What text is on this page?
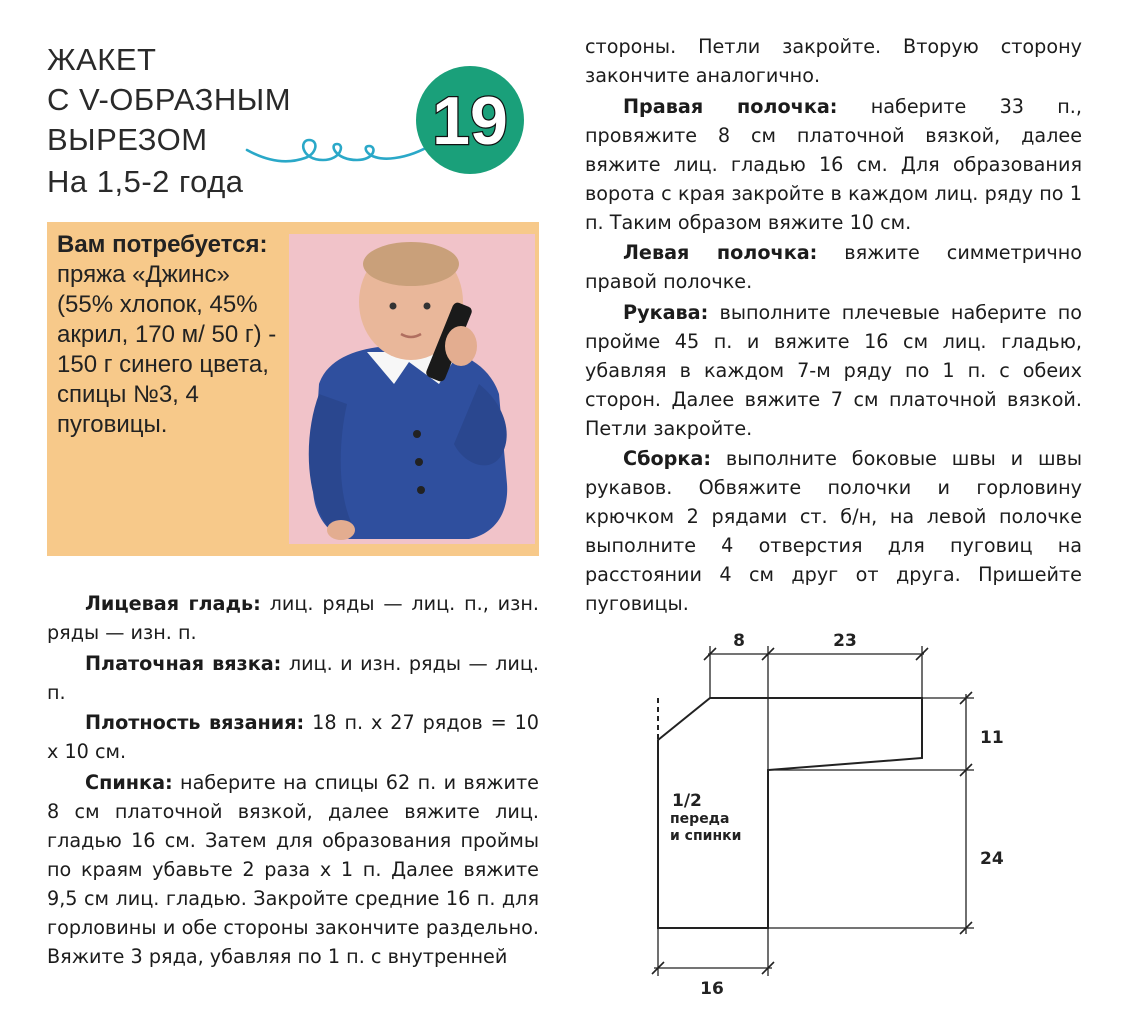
ЖАКЕТ
С V-ОБРАЗНЫМ
ВЫРЕЗОМ
На 1,5-2 года
19
Вам потребуется:
пряжа «Джинс» (55% хлопок, 45% акрил, 170 м/ 50 г) - 150 г синего цвета, спицы №3, 4 пуговицы.

Лицевая гладь: лиц. ряды — лиц. п., изн. ряды — изн. п.

Платочная вязка: лиц. и изн. ряды — лиц. п.

Плотность вязания: 18 п. х 27 рядов = 10 х 10 см.

Спинка: наберите на спицы 62 п. и вяжите 8 см платочной вязкой, далее вяжите лиц. гладью 16 см. Затем для образования проймы по краям убавьте 2 раза х 1 п. Далее вяжите 9,5 см лиц. гладью. Закройте средние 16 п. для горловины и обе стороны закончите раздельно. Вяжите 3 ряда, убавляя по 1 п. с внутренней

стороны. Петли закройте. Вторую сторону закончите аналогично.

Правая полочка: наберите 33 п., провяжите 8 см платочной вязкой, далее вяжите лиц. гладью 16 см. Для образования ворота с края закройте в каждом лиц. ряду по 1 п. Таким образом вяжите 10 см.

Левая полочка: вяжите симметрично правой полочке.

Рукава: выполните плечевые наберите по пройме 45 п. и вяжите 16 см лиц. гладью, убавляя в каждом 7-м ряду по 1 п. с обеих сторон. Далее вяжите 7 см платочной вязкой. Петли закройте.

Сборка: выполните боковые швы и швы рукавов. Обвяжите полочки и горловину крючком 2 рядами ст. б/н, на левой полочке выполните 4 отверстия для пуговиц на расстоянии 4 см друг от друга. Пришейте пуговицы.

8	23
11
24
16
1/2
переда
и спинки
